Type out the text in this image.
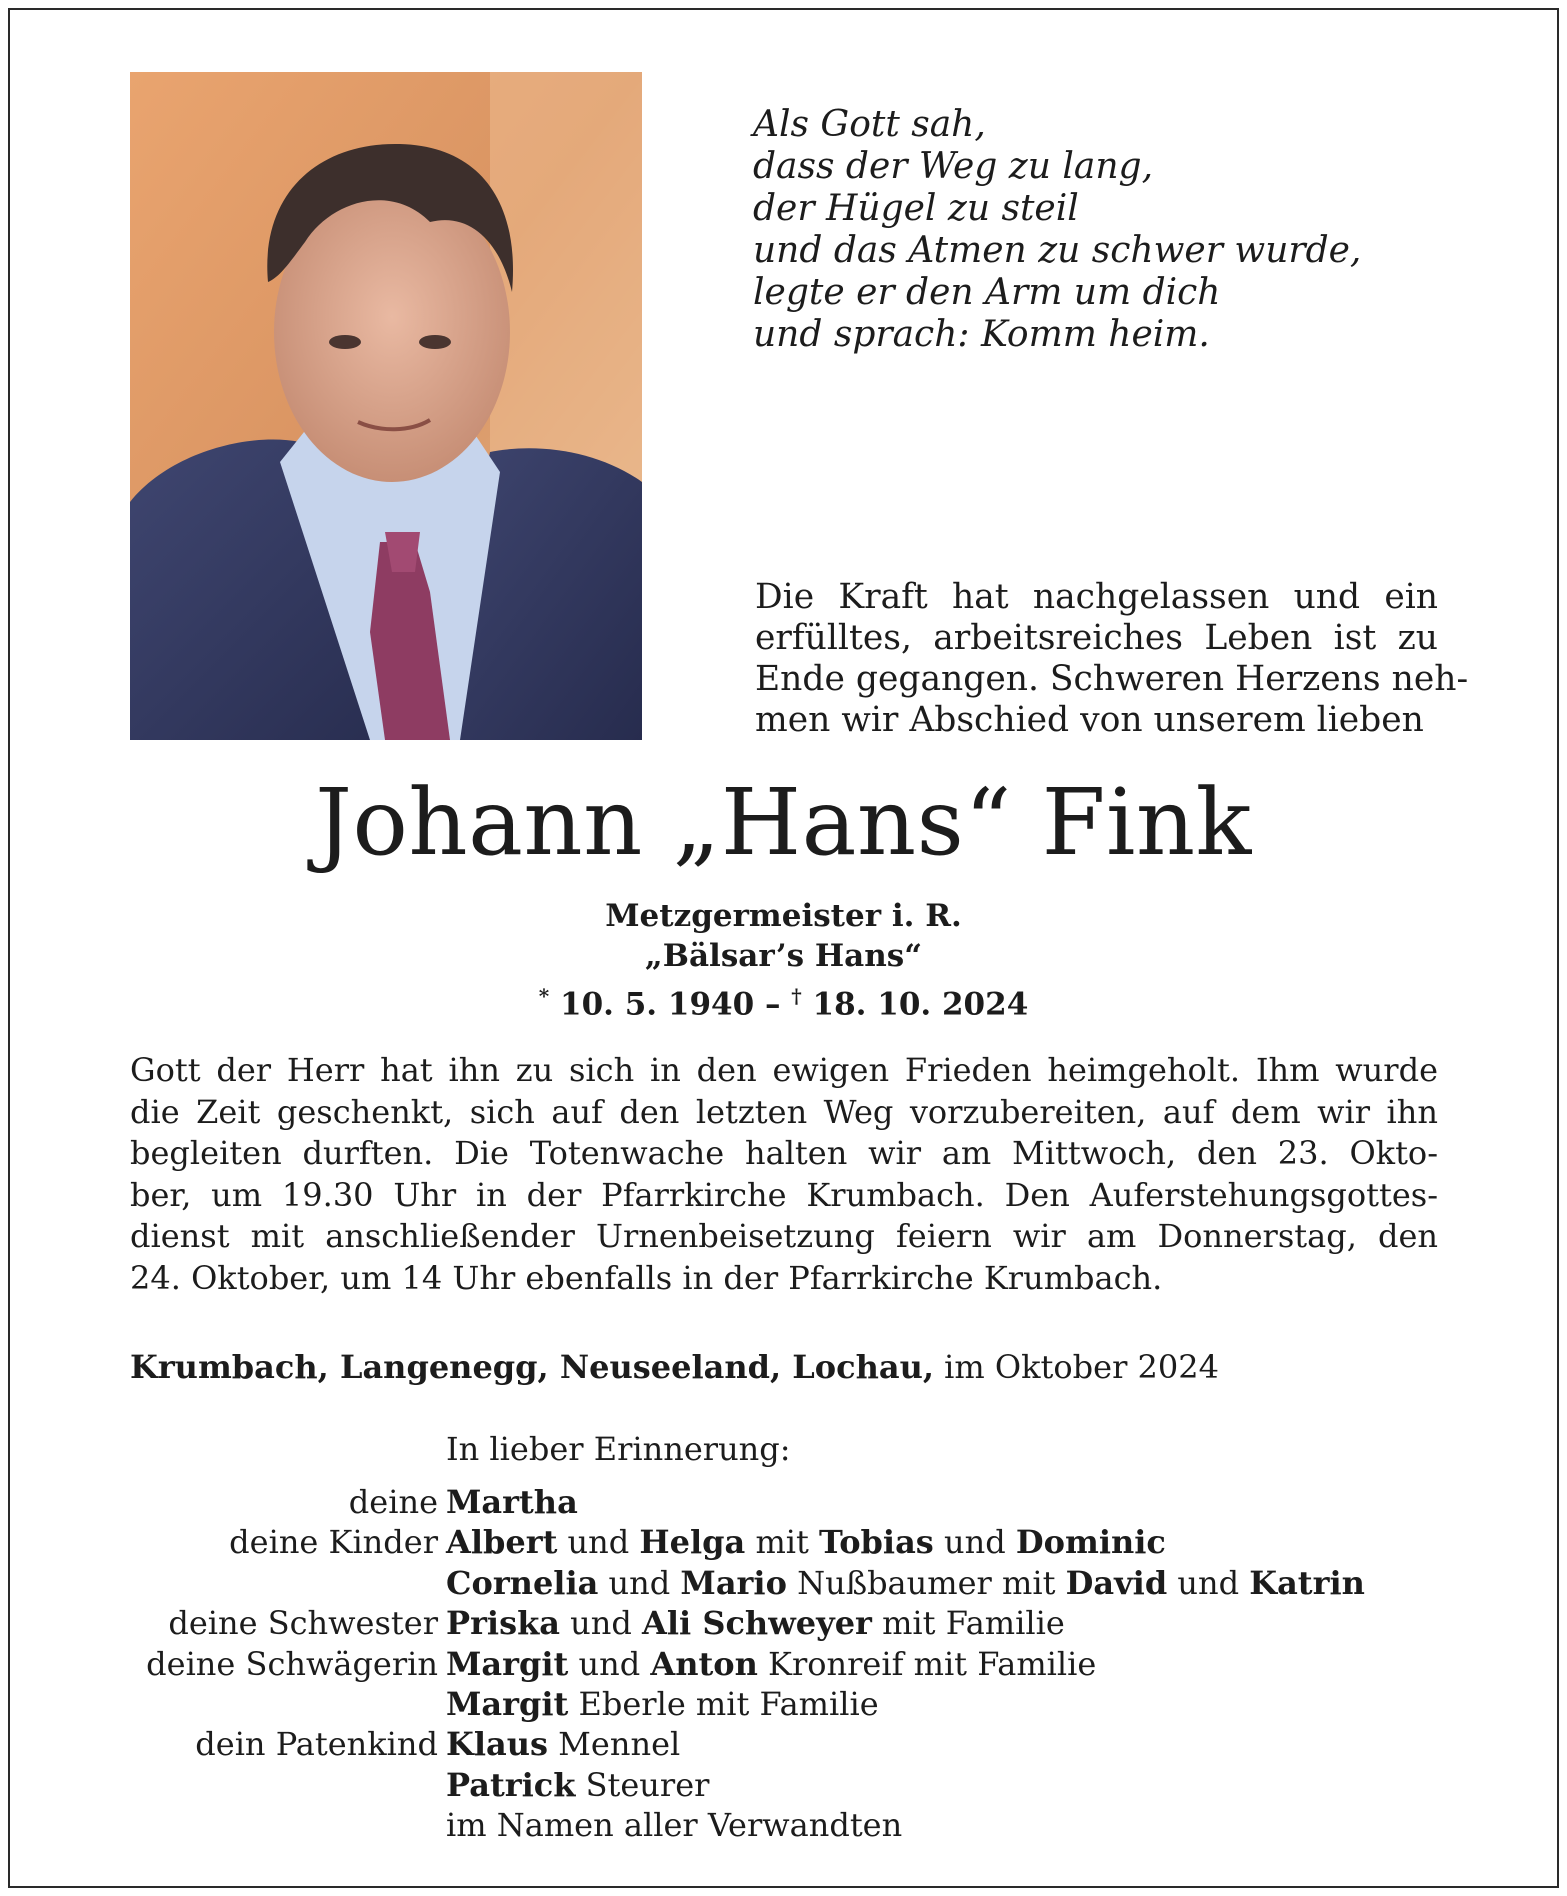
Als Gott sah,
dass der Weg zu lang,
der Hügel zu steil
und das Atmen zu schwer wurde,
legte er den Arm um dich
und sprach: Komm heim.
Die Kraft hat nachgelassen und ein
erfülltes, arbeitsreiches Leben ist zu
Ende gegangen. Schweren Herzens neh-
men wir Abschied von unserem lieben
Johann „Hans“ Fink
Metzgermeister i. R.
„Bälsar’s Hans“
* 10. 5. 1940 – † 18. 10. 2024
Gott der Herr hat ihn zu sich in den ewigen Frieden heimgeholt. Ihm wurde
die Zeit geschenkt, sich auf den letzten Weg vorzubereiten, auf dem wir ihn
begleiten durften. Die Totenwache halten wir am Mittwoch, den 23. Okto-
ber, um 19.30 Uhr in der Pfarrkirche Krumbach. Den Auferstehungsgottes-
dienst mit anschließender Urnenbeisetzung feiern wir am Donnerstag, den
24. Oktober, um 14 Uhr ebenfalls in der Pfarrkirche Krumbach.
Krumbach, Langenegg, Neuseeland, Lochau, im Oktober 2024
In lieber Erinnerung:
deine Martha
deine Kinder Albert und Helga mit Tobias und Dominic
Cornelia und Mario Nußbaumer mit David und Katrin
deine Schwester Priska und Ali Schweyer mit Familie
deine Schwägerin Margit und Anton Kronreif mit Familie
Margit Eberle mit Familie
dein Patenkind Klaus Mennel
Patrick Steurer
im Namen aller Verwandten
